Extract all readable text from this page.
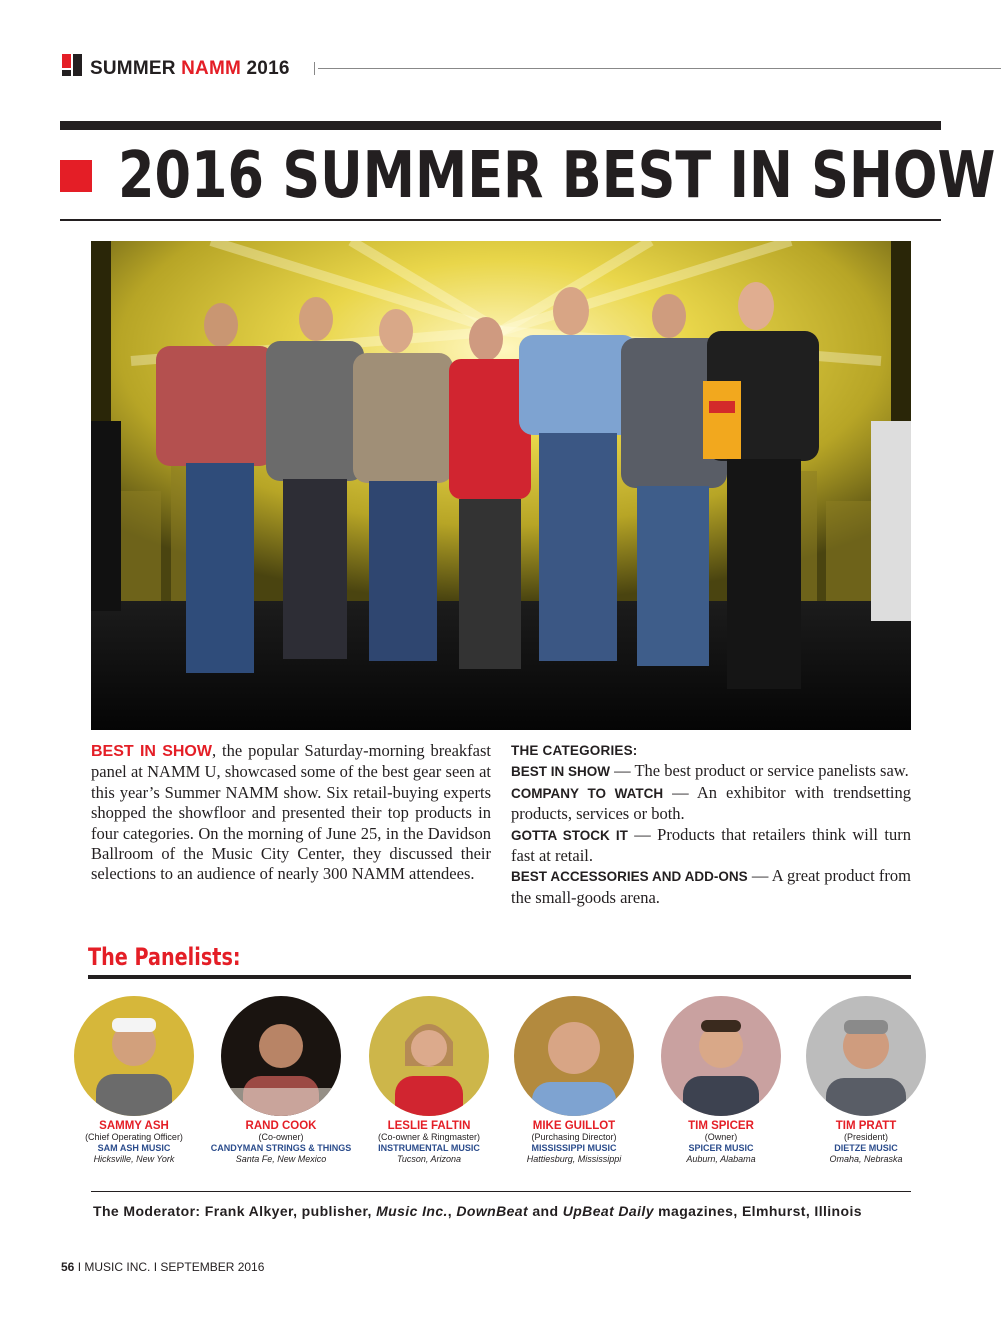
SUMMER NAMM 2016
2016 SUMMER BEST IN SHOW
BEST IN SHOW, the popular Saturday-morning breakfast panel at NAMM U, showcased some of the best gear seen at this year’s Summer NAMM show. Six retail-buying experts shopped the showfloor and presented their top products in four categories. On the morning of June 25, in the Davidson Ballroom of the Music City Center, they discussed their selections to an audience of nearly 300 NAMM attendees.
THE CATEGORIES:
BEST IN SHOW — The best product or service panelists saw.
COMPANY TO WATCH — An exhibitor with trendsetting products, services or both.
GOTTA STOCK IT — Products that retailers think will turn fast at retail.
BEST ACCESSORIES AND ADD-ONS — A great product from the small-goods arena.
The Panelists:
SAMMY ASH
(Chief Operating Officer)
SAM ASH MUSIC
Hicksville, New York
RAND COOK
(Co-owner)
CANDYMAN STRINGS & THINGS
Santa Fe, New Mexico
LESLIE FALTIN
(Co-owner & Ringmaster)
INSTRUMENTAL MUSIC
Tucson, Arizona
MIKE GUILLOT
(Purchasing Director)
MISSISSIPPI MUSIC
Hattiesburg, Mississippi
TIM SPICER
(Owner)
SPICER MUSIC
Auburn, Alabama
TIM PRATT
(President)
DIETZE MUSIC
Omaha, Nebraska
The Moderator: Frank Alkyer, publisher, Music Inc., DownBeat and UpBeat Daily magazines, Elmhurst, Illinois
56 I MUSIC INC. I SEPTEMBER 2016
